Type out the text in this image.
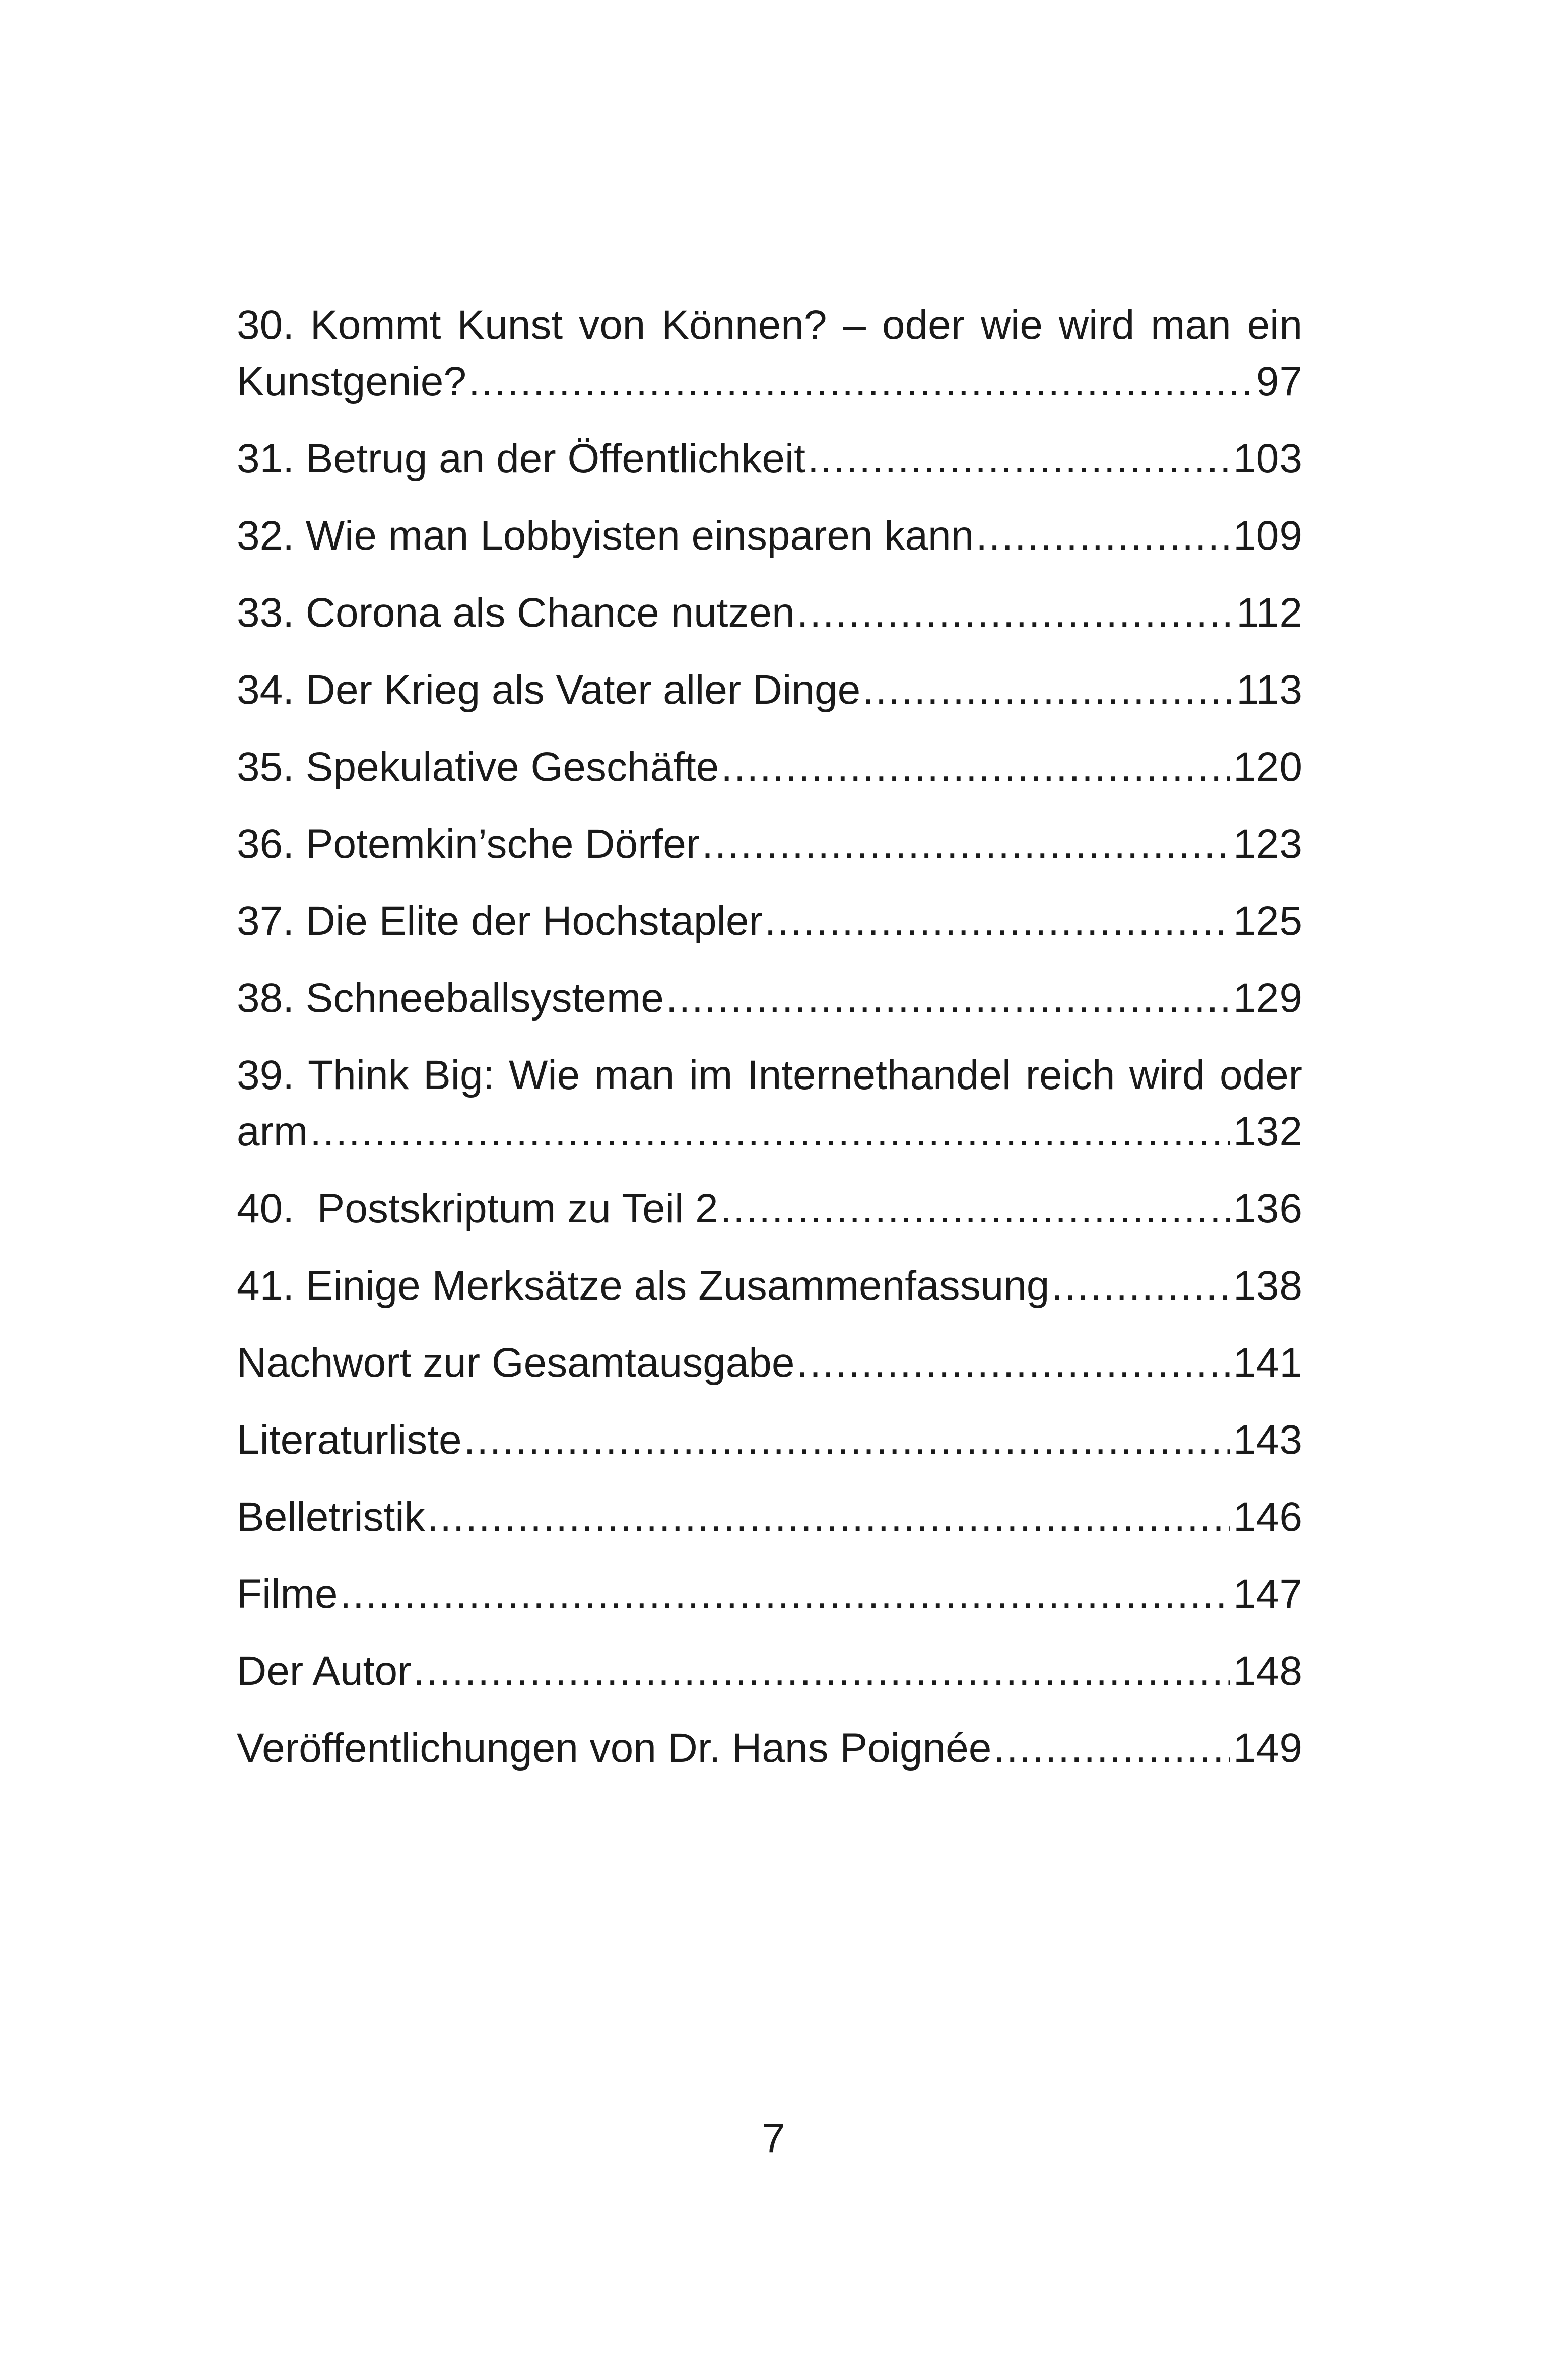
30. Kommt Kunst von Können? – oder wie wird man ein
Kunstgenie? . . .	97
31. Betrug an der Öffentlichkeit . . .	103
32. Wie man Lobbyisten einsparen kann . . .	109
33. Corona als Chance nutzen . . .	112
34. Der Krieg als Vater aller Dinge . . .	113
35. Spekulative Geschäfte . . .	120
36. Potemkin’sche Dörfer . . .	123
37. Die Elite der Hochstapler . . .	125
38. Schneeballsysteme . . .	129
39. Think Big: Wie man im Internethandel reich wird oder
arm . . .	132
40.  Postskriptum zu Teil 2 . . .	136
41. Einige Merksätze als Zusammenfassung . . .	138
Nachwort zur Gesamtausgabe . . .	141
Literaturliste . . .	143
Belletristik . . .	146
Filme . . .	147
Der Autor . . .	148
Veröffentlichungen von Dr. Hans Poignée . . .	149
7
